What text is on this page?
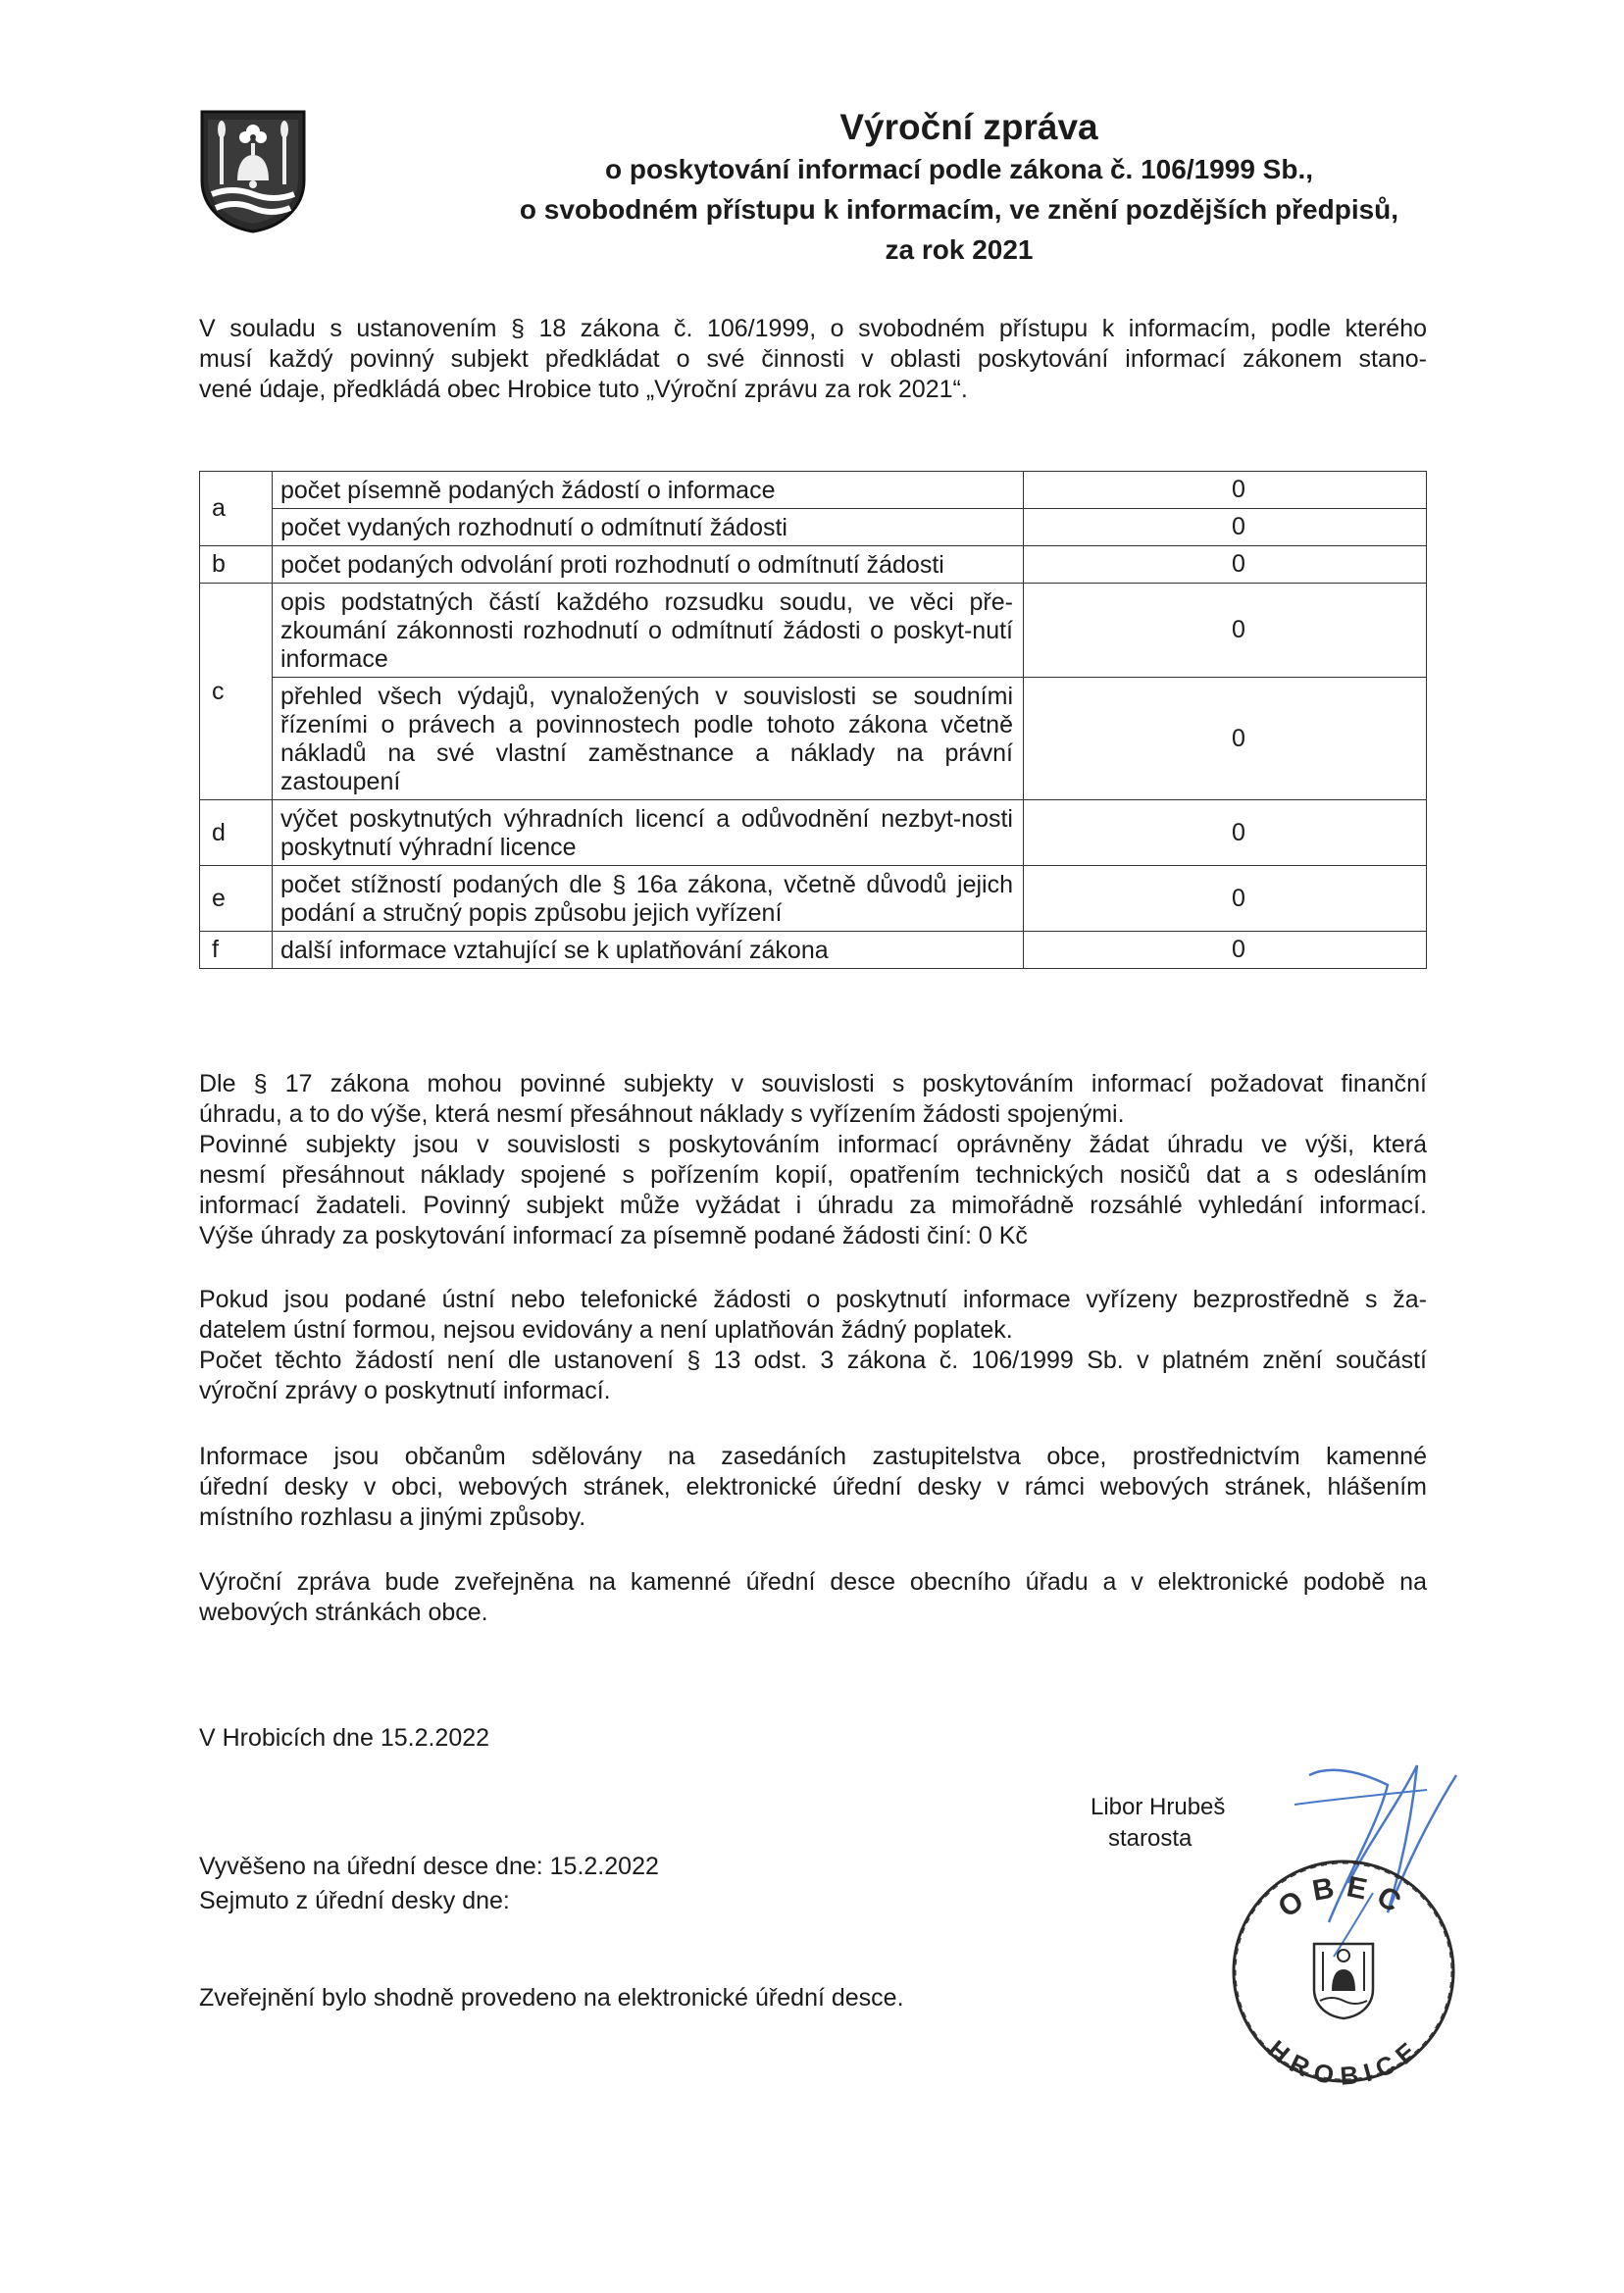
Výroční zpráva

o poskytování informací podle zákona č. 106/1999 Sb.,

o svobodném přístupu k informacím, ve znění pozdějších předpisů,

za rok 2021

V souladu s ustanovením § 18 zákona č. 106/1999, o svobodném přístupu k informacím, podle kterého
musí každý povinný subjekt předkládat o své činnosti v oblasti poskytování informací zákonem stano-
vené údaje, předkládá obec Hrobice tuto „Výroční zprávu za rok 2021“.
a	počet písemně podaných žádostí o informace	0
	počet vydaných rozhodnutí o odmítnutí žádosti	0
b	počet podaných odvolání proti rozhodnutí o odmítnutí žádosti	0
c	opis podstatných částí každého rozsudku soudu, ve věci pře-zkoumání zákonnosti rozhodnutí o odmítnutí žádosti o poskyt-nutí informace	0
	přehled všech výdajů, vynaložených v souvislosti se soudními řízeními o právech a povinnostech podle tohoto zákona včetně nákladů na své vlastní zaměstnance a náklady na právní zastoupení	0
d	výčet poskytnutých výhradních licencí a odůvodnění nezbyt-nosti poskytnutí výhradní licence	0
e	počet stížností podaných dle § 16a zákona, včetně důvodů jejich podání a stručný popis způsobu jejich vyřízení	0
f	další informace vztahující se k uplatňování zákona	0
Dle § 17 zákona mohou povinné subjekty v souvislosti s poskytováním informací požadovat finanční
úhradu, a to do výše, která nesmí přesáhnout náklady s vyřízením žádosti spojenými.
Povinné subjekty jsou v souvislosti s poskytováním informací oprávněny žádat úhradu ve výši, která
nesmí přesáhnout náklady spojené s pořízením kopií, opatřením technických nosičů dat a s odesláním
informací žadateli. Povinný subjekt může vyžádat i úhradu za mimořádně rozsáhlé vyhledání informací.
Výše úhrady za poskytování informací za písemně podané žádosti činí: 0 Kč
Pokud jsou podané ústní nebo telefonické žádosti o poskytnutí informace vyřízeny bezprostředně s ža-
datelem ústní formou, nejsou evidovány a není uplatňován žádný poplatek.
Počet těchto žádostí není dle ustanovení § 13 odst. 3 zákona č. 106/1999 Sb. v platném znění součástí
výroční zprávy o poskytnutí informací.
Informace jsou občanům sdělovány na zasedáních zastupitelstva obce, prostřednictvím kamenné
úřední desky v obci, webových stránek, elektronické úřední desky v rámci webových stránek, hlášením
místního rozhlasu a jinými způsoby.
Výroční zpráva bude zveřejněna na kamenné úřední desce obecního úřadu a v elektronické podobě na
webových stránkách obce.

V Hrobicích dne 15.2.2022

Libor Hrubeš

starosta

Vyvěšeno na úřední desce dne: 15.2.2022

Sejmuto z úřední desky dne:

Zveřejnění bylo shodně provedeno na elektronické úřední desce.

OBEC
HROBICE
